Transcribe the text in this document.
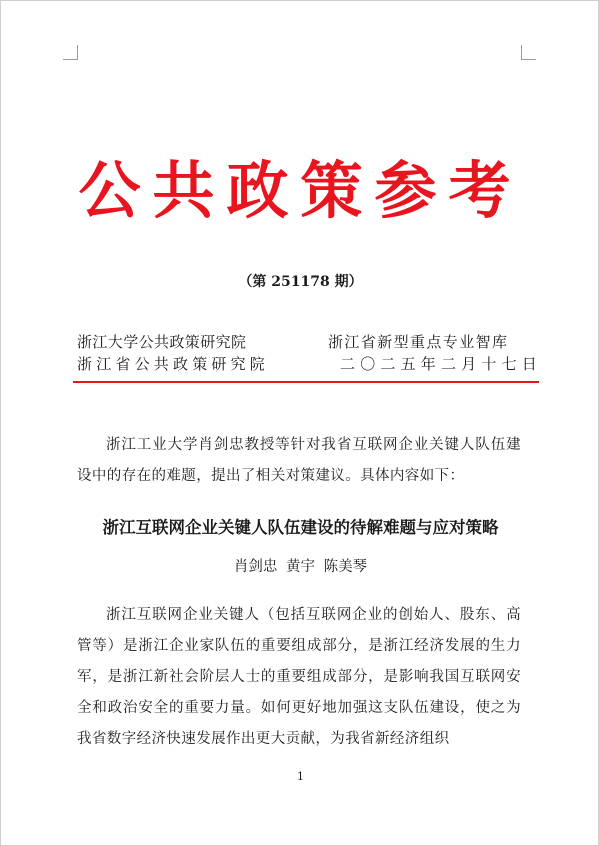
公共政策参考
（第 251178 期）
浙江大学公共政策研究院
浙江省公共政策研究院
浙江省新型重点专业智库
二〇二五年二月十七日
浙江工业大学肖剑忠教授等针对我省互联网企业关键人队伍建设中的存在的难题，提出了相关对策建议。具体内容如下：
浙江互联网企业关键人队伍建设的待解难题与应对策略
肖剑忠 黄宇 陈美琴
浙江互联网企业关键人（包括互联网企业的创始人、股东、高管等）是浙江企业家队伍的重要组成部分，是浙江经济发展的生力军，是浙江新社会阶层人士的重要组成部分，是影响我国互联网安全和政治安全的重要力量。如何更好地加强这支队伍建设，使之为我省数字经济快速发展作出更大贡献，为我省新经济组织
1
